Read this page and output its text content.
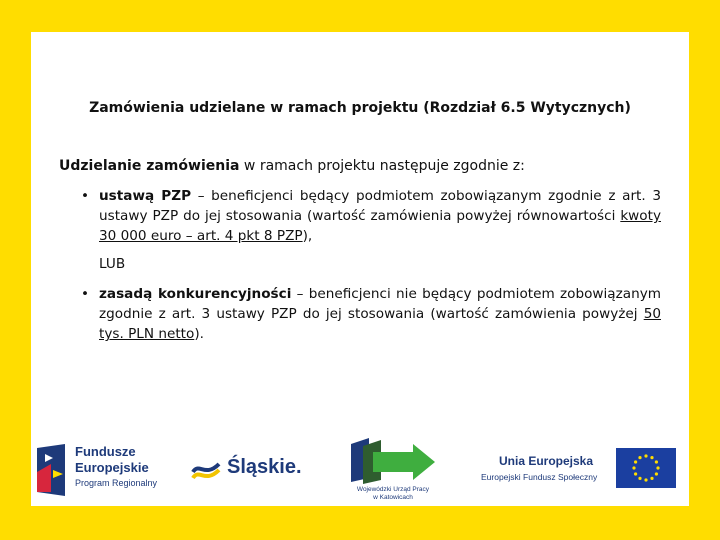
Zamówienia udzielane w ramach projektu (Rozdział 6.5 Wytycznych)
Udzielanie zamówienia w ramach projektu następuje zgodnie z:
• ustawą PZP – beneficjenci będący podmiotem zobowiązanym zgodnie z art. 3 ustawy PZP do jej stosowania (wartość zamówienia powyżej równowartości kwoty 30 000 euro – art. 4 pkt 8 PZP),
LUB
• zasadą konkurencyjności – beneficjenci nie będący podmiotem zobowiązanym zgodnie z art. 3 ustawy PZP do jej stosowania (wartość zamówienia powyżej 50 tys. PLN netto).
Fundusze
Europejskie
Program Regionalny
Śląskie.
Wojewódzki Urząd Pracy
w Katowicach
Unia Europejska
Europejski Fundusz Społeczny
